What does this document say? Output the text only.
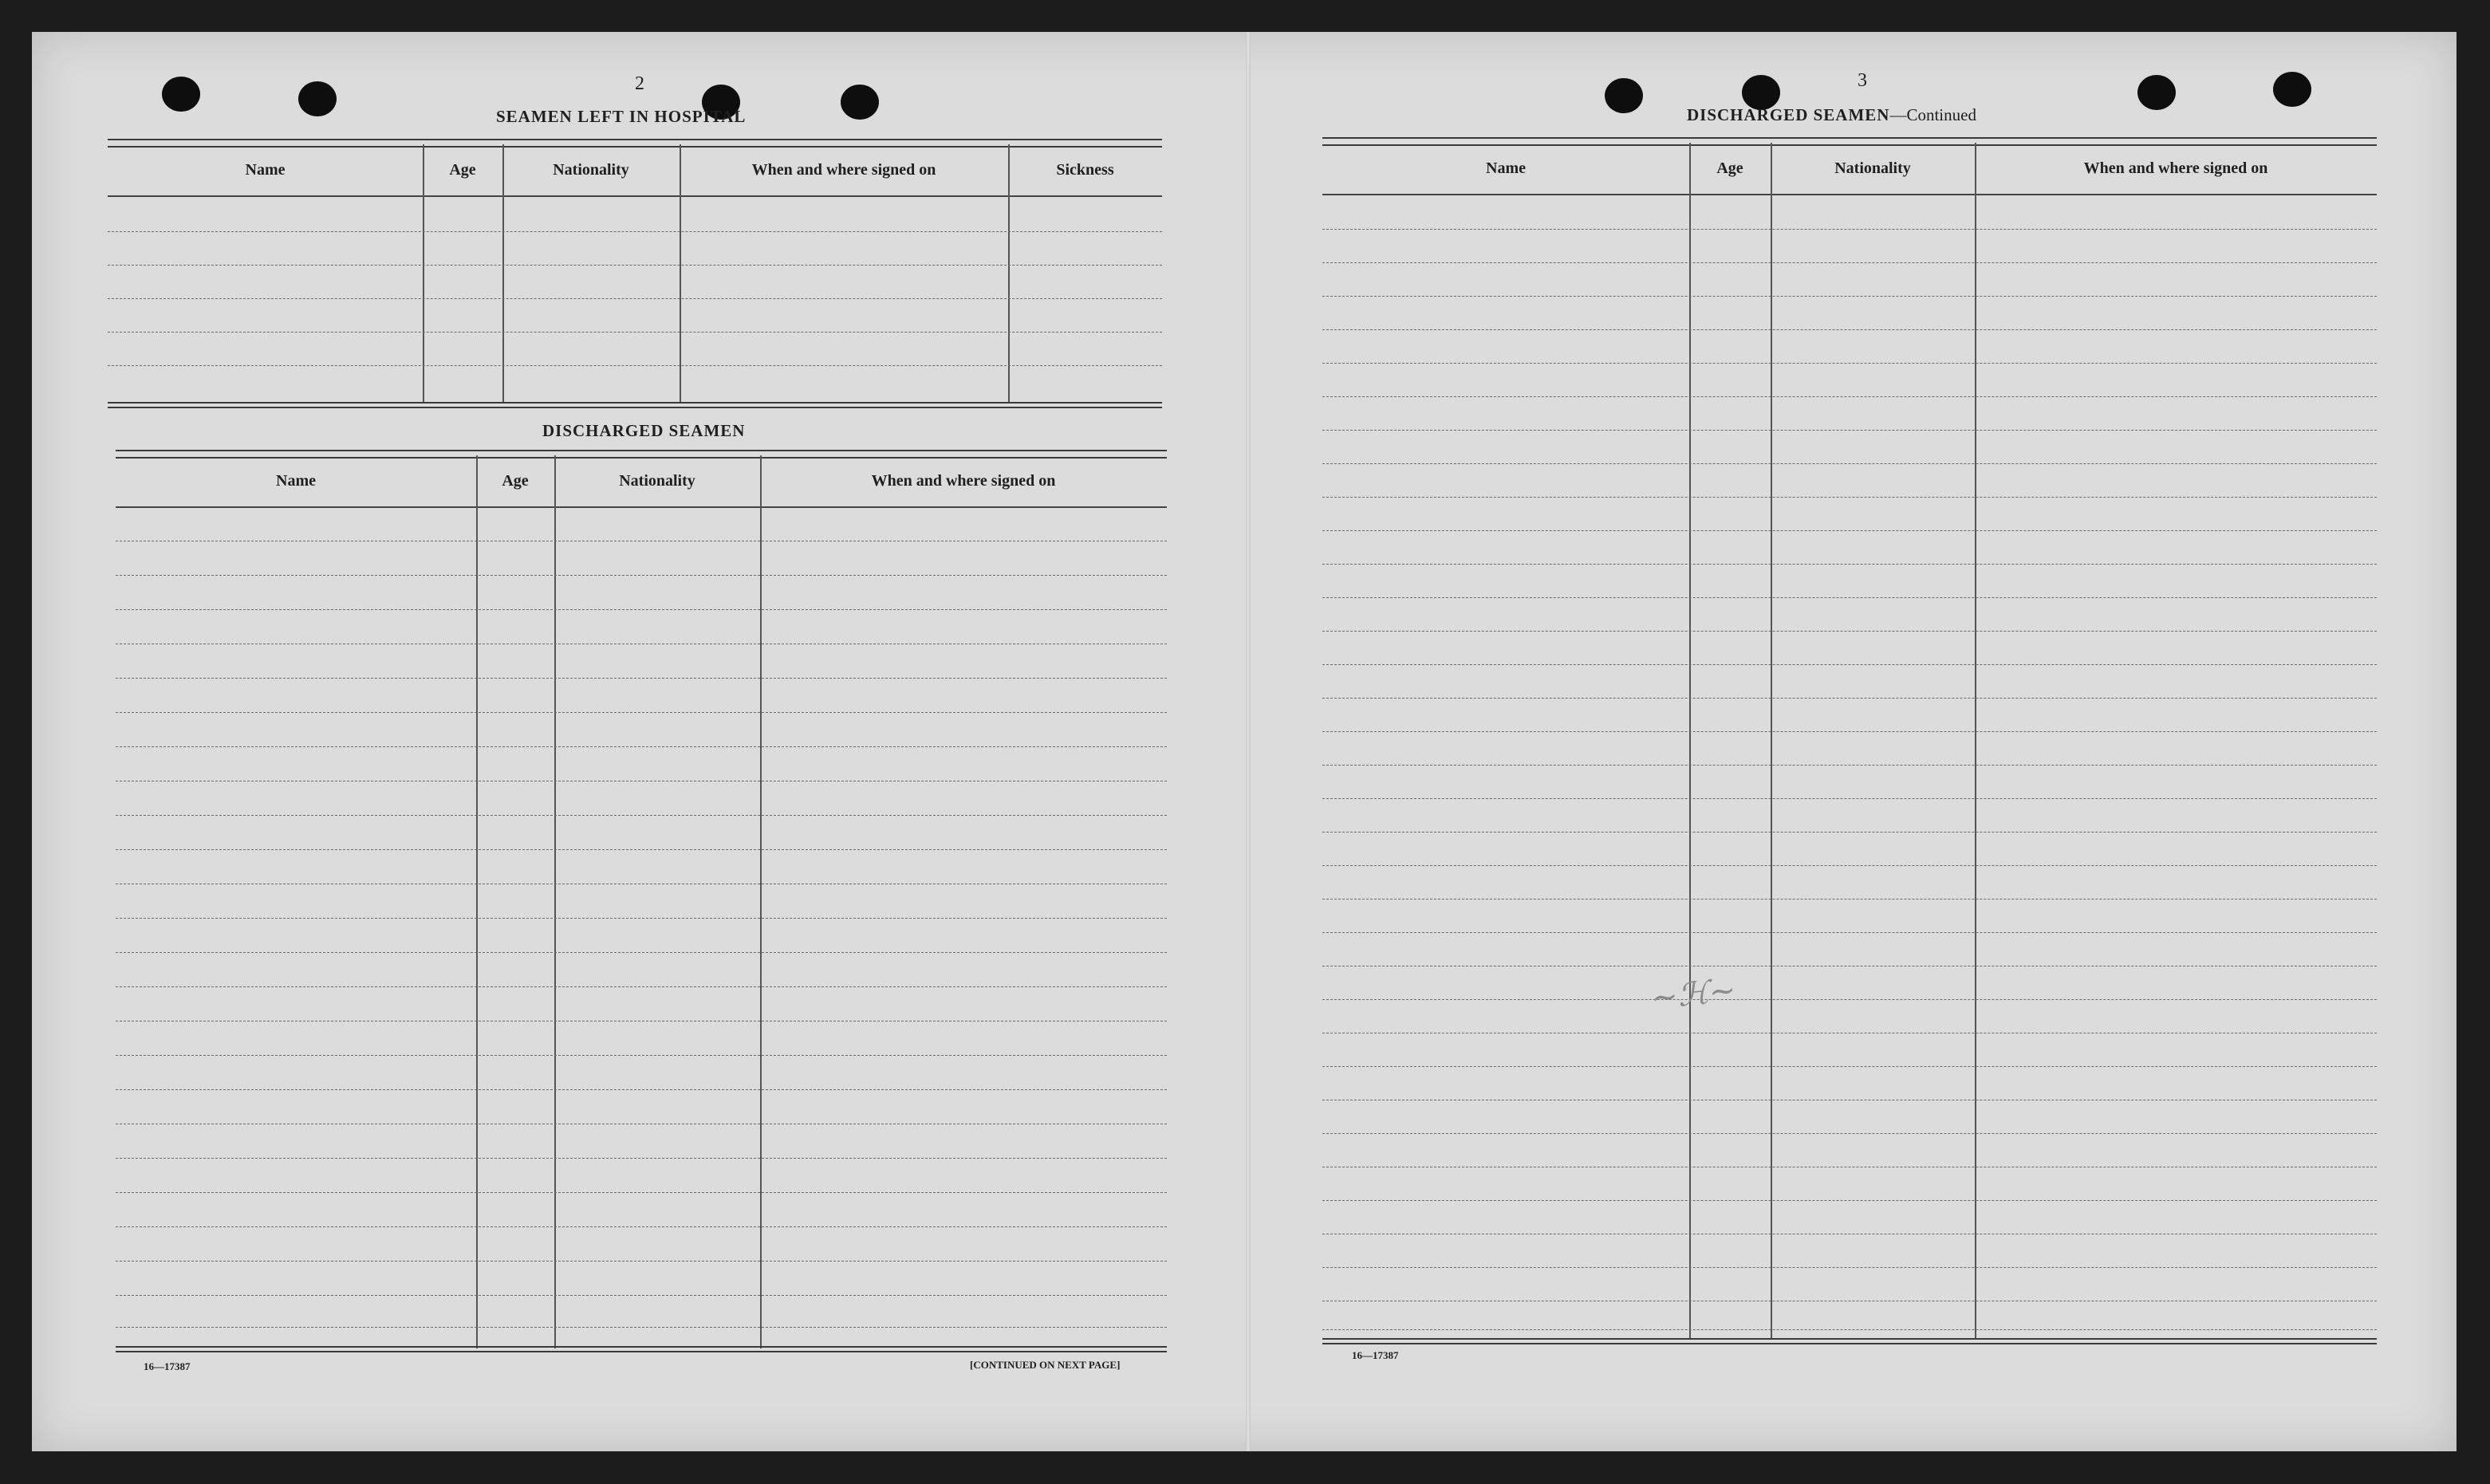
2
SEAMEN LEFT IN HOSPITAL
Name	Age	Nationality	When and where signed on	Sickness
DISCHARGED SEAMEN
Name	Age	Nationality	When and where signed on
16—17387	[CONTINUED ON NEXT PAGE]
3
DISCHARGED SEAMEN—Continued
Name	Age	Nationality	When and where signed on
16—17387
~ℋ~
